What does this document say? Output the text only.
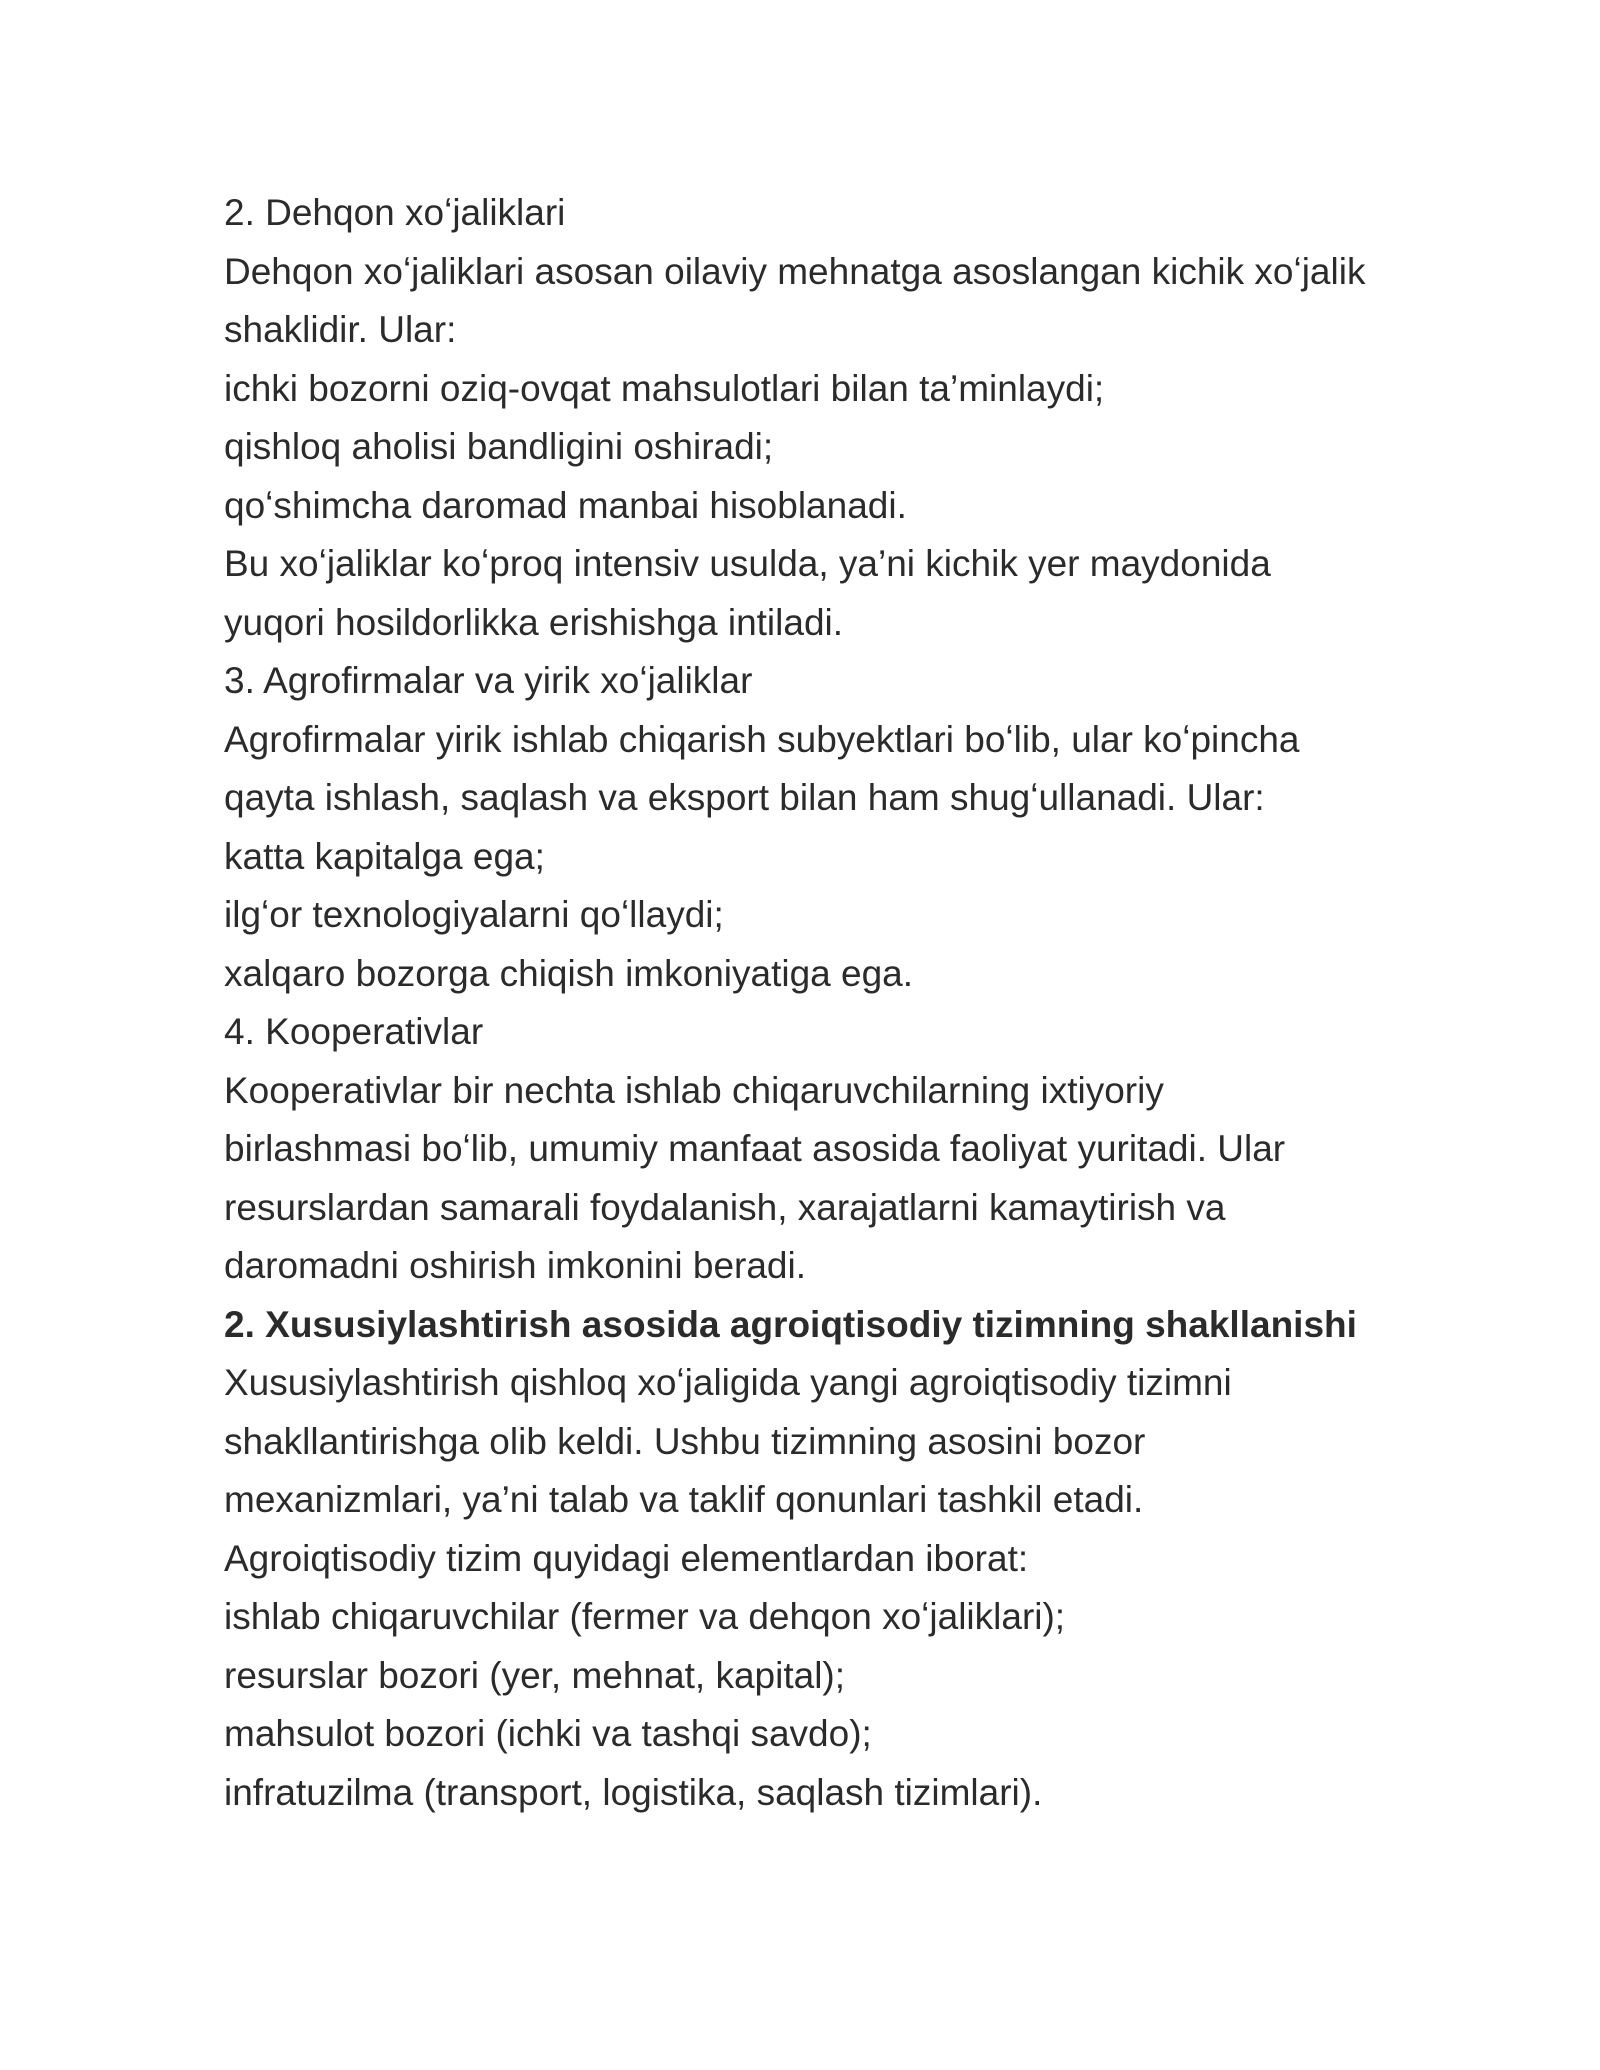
2. Dehqon xoʻjaliklari
Dehqon xoʻjaliklari asosan oilaviy mehnatga asoslangan kichik xoʻjalik
shaklidir. Ular:
ichki bozorni oziq-ovqat mahsulotlari bilan ta’minlaydi;
qishloq aholisi bandligini oshiradi;
qoʻshimcha daromad manbai hisoblanadi.
Bu xoʻjaliklar koʻproq intensiv usulda, ya’ni kichik yer maydonida
yuqori hosildorlikka erishishga intiladi.
3. Agrofirmalar va yirik xoʻjaliklar
Agrofirmalar yirik ishlab chiqarish subyektlari boʻlib, ular koʻpincha
qayta ishlash, saqlash va eksport bilan ham shugʻullanadi. Ular:
katta kapitalga ega;
ilgʻor texnologiyalarni qoʻllaydi;
xalqaro bozorga chiqish imkoniyatiga ega.
4. Kooperativlar
Kooperativlar bir nechta ishlab chiqaruvchilarning ixtiyoriy
birlashmasi boʻlib, umumiy manfaat asosida faoliyat yuritadi. Ular
resurslardan samarali foydalanish, xarajatlarni kamaytirish va
daromadni oshirish imkonini beradi.
2. Xususiylashtirish asosida agroiqtisodiy tizimning shakllanishi
Xususiylashtirish qishloq xoʻjaligida yangi agroiqtisodiy tizimni
shakllantirishga olib keldi. Ushbu tizimning asosini bozor
mexanizmlari, ya’ni talab va taklif qonunlari tashkil etadi.
Agroiqtisodiy tizim quyidagi elementlardan iborat:
ishlab chiqaruvchilar (fermer va dehqon xoʻjaliklari);
resurslar bozori (yer, mehnat, kapital);
mahsulot bozori (ichki va tashqi savdo);
infratuzilma (transport, logistika, saqlash tizimlari).
